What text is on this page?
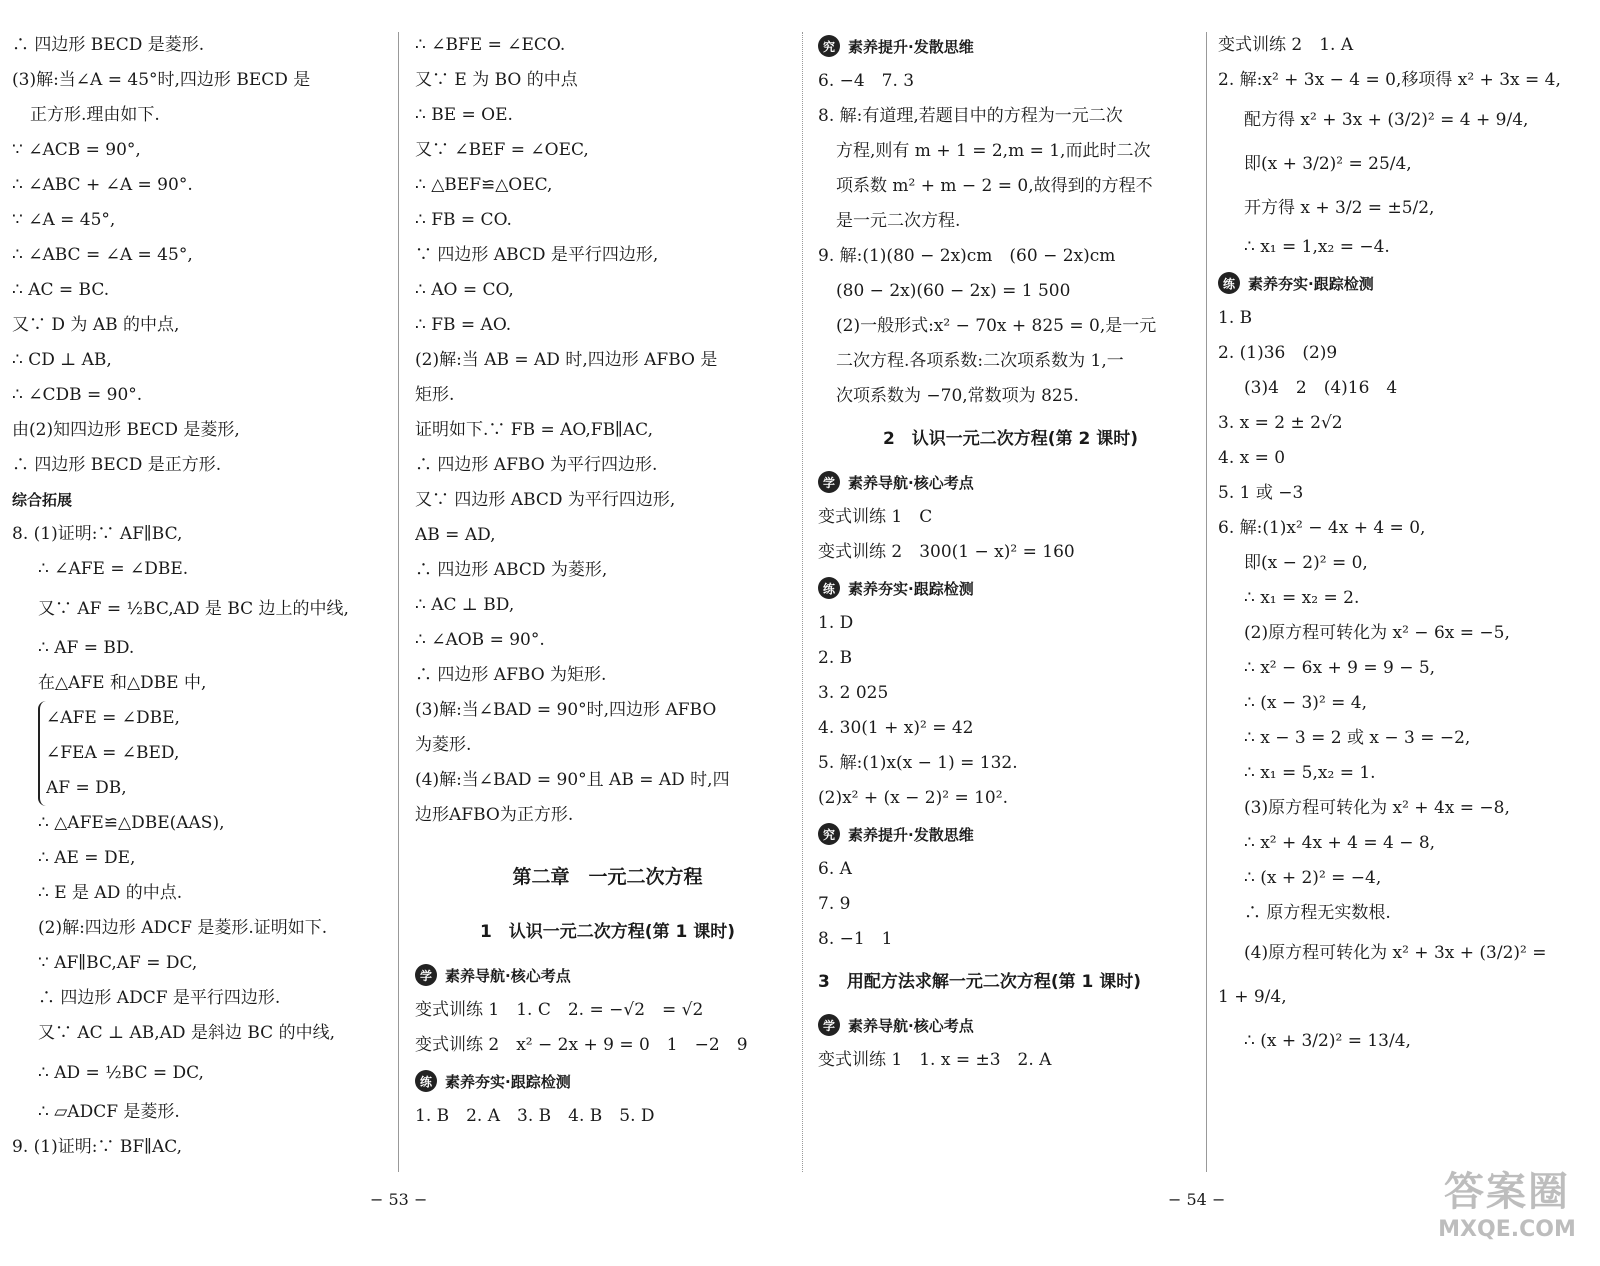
∴ 四边形 BECD 是菱形.
(3)解:当∠A = 45°时,四边形 BECD 是
正方形.理由如下.
∵ ∠ACB = 90°,
∴ ∠ABC + ∠A = 90°.
∵ ∠A = 45°,
∴ ∠ABC = ∠A = 45°,
∴ AC = BC.
又∵ D 为 AB 的中点,
∴ CD ⊥ AB,
∴ ∠CDB = 90°.
由(2)知四边形 BECD 是菱形,
∴ 四边形 BECD 是正方形.
综合拓展
8. (1)证明:∵ AF∥BC,
∴ ∠AFE = ∠DBE.
又∵ AF = ½BC,AD 是 BC 边上的中线,
∴ AF = BD.
在△AFE 和△DBE 中,
∠AFE = ∠DBE,
∠FEA = ∠BED,
AF = DB,
∴ △AFE≌△DBE(AAS),
∴ AE = DE,
∴ E 是 AD 的中点.
(2)解:四边形 ADCF 是菱形.证明如下.
∵ AF∥BC,AF = DC,
∴ 四边形 ADCF 是平行四边形.
又∵ AC ⊥ AB,AD 是斜边 BC 的中线,
∴ AD = ½BC = DC,
∴ ▱ADCF 是菱形.
9. (1)证明:∵ BF∥AC,
∴ ∠BFE = ∠ECO.
又∵ E 为 BO 的中点
∴ BE = OE.
又∵ ∠BEF = ∠OEC,
∴ △BEF≌△OEC,
∴ FB = CO.
∵ 四边形 ABCD 是平行四边形,
∴ AO = CO,
∴ FB = AO.
(2)解:当 AB = AD 时,四边形 AFBO 是
矩形.
证明如下.∵ FB = AO,FB∥AC,
∴ 四边形 AFBO 为平行四边形.
又∵ 四边形 ABCD 为平行四边形,
AB = AD,
∴ 四边形 ABCD 为菱形,
∴ AC ⊥ BD,
∴ ∠AOB = 90°.
∴ 四边形 AFBO 为矩形.
(3)解:当∠BAD = 90°时,四边形 AFBO
为菱形.
(4)解:当∠BAD = 90°且 AB = AD 时,四
边形AFBO为正方形.
第二章　一元二次方程
1　认识一元二次方程(第 1 课时)
学 素养导航·核心考点
变式训练 1　1. C　2. = −√2　= √2
变式训练 2　x² − 2x + 9 = 0　1　−2　9
练 素养夯实·跟踪检测
1. B　2. A　3. B　4. B　5. D
− 53 −
究 素养提升·发散思维
6. −4　7. 3
8. 解:有道理,若题目中的方程为一元二次
方程,则有 m + 1 = 2,m = 1,而此时二次
项系数 m² + m − 2 = 0,故得到的方程不
是一元二次方程.
9. 解:(1)(80 − 2x)cm　(60 − 2x)cm
(80 − 2x)(60 − 2x) = 1 500
(2)一般形式:x² − 70x + 825 = 0,是一元
二次方程.各项系数:二次项系数为 1,一
次项系数为 −70,常数项为 825.
2　认识一元二次方程(第 2 课时)
学 素养导航·核心考点
变式训练 1　C
变式训练 2　300(1 − x)² = 160
练 素养夯实·跟踪检测
1. D
2. B
3. 2 025
4. 30(1 + x)² = 42
5. 解:(1)x(x − 1) = 132.
(2)x² + (x − 2)² = 10².
究 素养提升·发散思维
6. A
7. 9
8. −1　1
3　用配方法求解一元二次方程(第 1 课时)
学 素养导航·核心考点
变式训练 1　1. x = ±3　2. A
变式训练 2　1. A
2. 解:x² + 3x − 4 = 0,移项得 x² + 3x = 4,
配方得 x² + 3x + (3/2)² = 4 + 9/4,
即(x + 3/2)² = 25/4,
开方得 x + 3/2 = ±5/2,
∴ x₁ = 1,x₂ = −4.
练 素养夯实·跟踪检测
1. B
2. (1)36　(2)9
(3)4　2　(4)16　4
3. x = 2 ± 2√2
4. x = 0
5. 1 或 −3
6. 解:(1)x² − 4x + 4 = 0,
即(x − 2)² = 0,
∴ x₁ = x₂ = 2.
(2)原方程可转化为 x² − 6x = −5,
∴ x² − 6x + 9 = 9 − 5,
∴ (x − 3)² = 4,
∴ x − 3 = 2 或 x − 3 = −2,
∴ x₁ = 5,x₂ = 1.
(3)原方程可转化为 x² + 4x = −8,
∴ x² + 4x + 4 = 4 − 8,
∴ (x + 2)² = −4,
∴ 原方程无实数根.
(4)原方程可转化为 x² + 3x + (3/2)² =
1 + 9/4,
∴ (x + 3/2)² = 13/4,
− 54 −	答案圈
MXQE.COM
